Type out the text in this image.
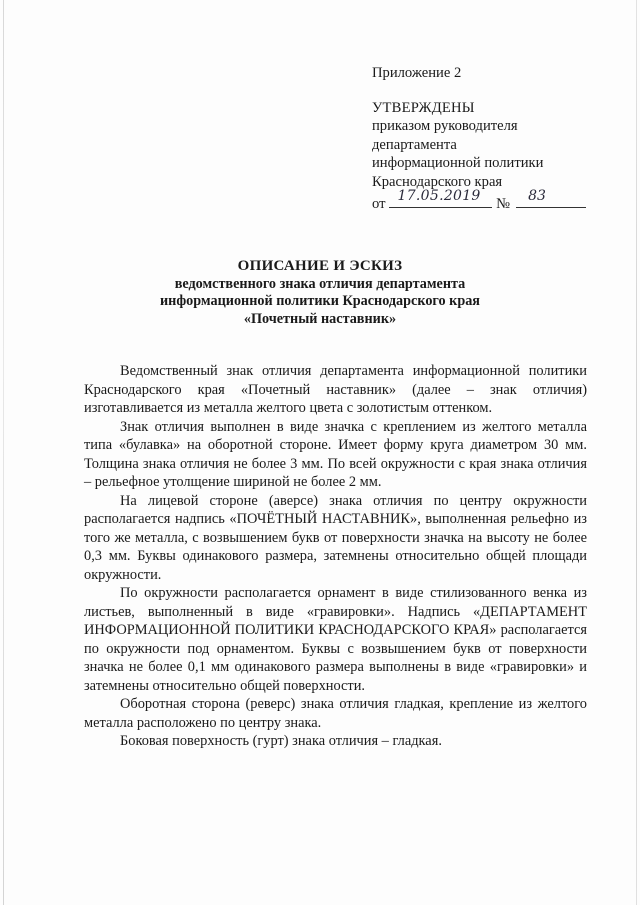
Приложение 2
УТВЕРЖДЕНЫ
приказом руководителя
департамента
информационной политики
Краснодарского края
от 17.05.2019 № 83
ОПИСАНИЕ И ЭСКИЗ
ведомственного знака отличия департамента
информационной политики Краснодарского края
«Почетный наставник»

Ведомственный знак отличия департамента информационной политики Краснодарского края «Почетный наставник» (далее – знак отличия) изготавливается из металла желтого цвета с золотистым оттенком.

Знак отличия выполнен в виде значка с креплением из желтого металла типа «булавка» на оборотной стороне. Имеет форму круга диаметром 30 мм. Толщина знака отличия не более 3 мм. По всей окружности с края знака отличия – рельефное утолщение шириной не более 2 мм.

На лицевой стороне (аверсе) знака отличия по центру окружности располагается надпись «ПОЧЁТНЫЙ НАСТАВНИК», выполненная рельефно из того же металла, с возвышением букв от поверхности значка на высоту не более 0,3 мм. Буквы одинакового размера, затемнены относительно общей площади окружности.

По окружности располагается орнамент в виде стилизованного венка из листьев, выполненный в виде «гравировки». Надпись «ДЕПАРТАМЕНТ ИНФОРМАЦИОННОЙ ПОЛИТИКИ КРАСНОДАРСКОГО КРАЯ» располагается по окружности под орнаментом. Буквы с возвышением букв от поверхности значка не более 0,1 мм одинакового размера выполнены в виде «гравировки» и затемнены относительно общей поверхности.

Оборотная сторона (реверс) знака отличия гладкая, крепление из желтого металла расположено по центру знака.

Боковая поверхность (гурт) знака отличия – гладкая.
